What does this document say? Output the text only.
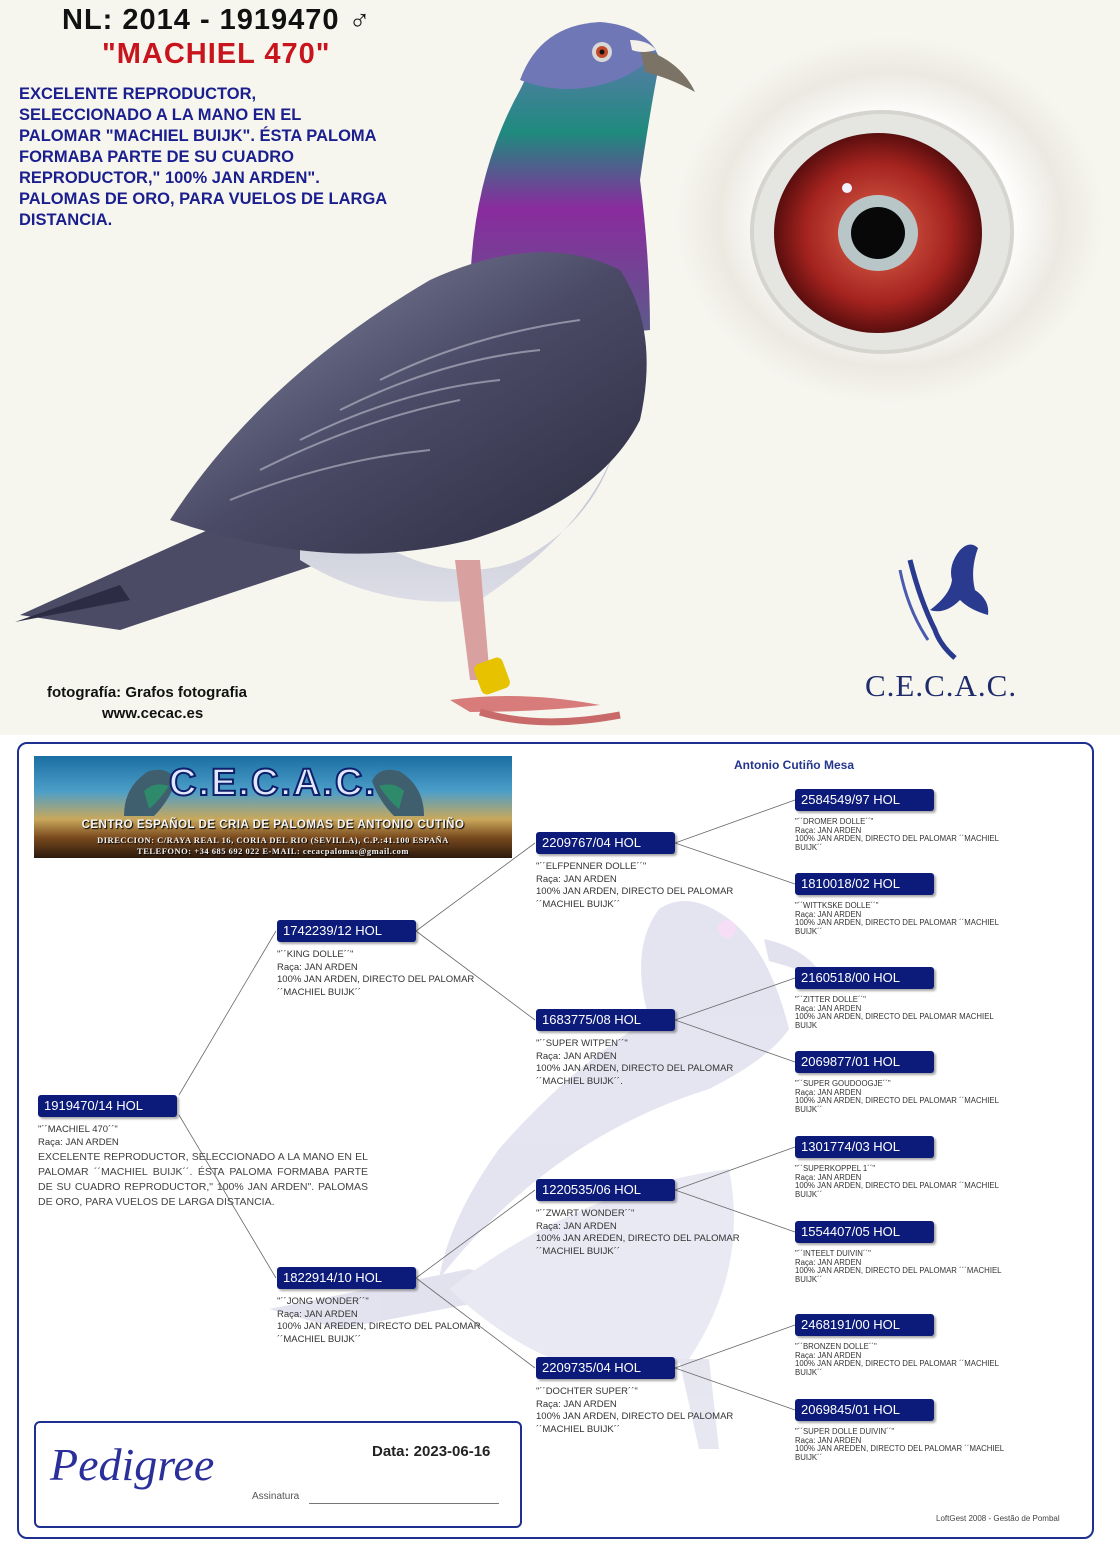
NL: 2014 - 1919470 ♂
"MACHIEL 470"
EXCELENTE REPRODUCTOR,
SELECCIONADO A LA MANO EN EL
PALOMAR "MACHIEL BUIJK". ÉSTA PALOMA
FORMABA PARTE DE SU CUADRO
REPRODUCTOR," 100% JAN ARDEN".
PALOMAS DE ORO, PARA VUELOS DE LARGA
DISTANCIA.
fotografía: Grafos fotografia
www.cecac.es
C.E.C.A.C.
C.E.C.A.C.
CENTRO ESPAÑOL DE CRIA DE PALOMAS DE ANTONIO CUTIÑO
DIRECCION: C/RAYA REAL 16, CORIA DEL RIO (SEVILLA), C.P.:41.100 ESPAÑA
TELEFONO: +34 685 692 022 E-MAIL: cecacpalomas@gmail.com
Antonio Cutiño Mesa
1919470/14 HOL
"´´MACHIEL 470´´"
Raça: JAN ARDEN
EXCELENTE REPRODUCTOR, SELECCIONADO A LA MANO EN EL PALOMAR ´´MACHIEL BUIJK´´. ÉSTA PALOMA FORMABA PARTE DE SU CUADRO REPRODUCTOR," 100% JAN ARDEN". PALOMAS DE ORO, PARA VUELOS DE LARGA DISTANCIA.
1742239/12 HOL
"´´KING DOLLE´´"
Raça: JAN ARDEN
100% JAN ARDEN, DIRECTO DEL PALOMAR
´´MACHIEL BUIJK´´
1822914/10 HOL
"´´JONG WONDER´´"
Raça: JAN ARDEN
100% JAN AREDEN, DIRECTO DEL PALOMAR
´´MACHIEL BUIJK´´
2209767/04 HOL
"´´ELFPENNER DOLLE´´"
Raça: JAN ARDEN
100% JAN ARDEN, DIRECTO DEL PALOMAR
´´MACHIEL BUIJK´´
1683775/08 HOL
"´´SUPER WITPEN´´"
Raça: JAN ARDEN
100% JAN ARDEN, DIRECTO DEL PALOMAR
´´MACHIEL BUIJK´´.
1220535/06 HOL
"´´ZWART WONDER´´"
Raça: JAN ARDEN
100% JAN AREDEN, DIRECTO DEL PALOMAR
´´MACHIEL BUIJK´´
2209735/04 HOL
"´´DOCHTER SUPER´´"
Raça: JAN ARDEN
100% JAN ARDEN, DIRECTO DEL PALOMAR
´´MACHIEL BUIJK´´
2584549/97 HOL
"´´DROMER DOLLE´´"
Raça: JAN ARDEN
100% JAN ARDEN, DIRECTO DEL PALOMAR ´´MACHIEL
BUIJK´´
1810018/02 HOL
"´´WITTKSKE DOLLE´´"
Raça: JAN ARDEN
100% JAN ARDEN, DIRECTO DEL PALOMAR ´´MACHIEL
BUIJK´´
2160518/00 HOL
"´´ZITTER DOLLE´´"
Raça: JAN ARDEN
100% JAN ARDEN, DIRECTO DEL PALOMAR MACHIEL
BUIJK
2069877/01 HOL
"´´SUPER GOUDOOGJE´´"
Raça: JAN ARDEN
100% JAN ARDEN, DIRECTO DEL PALOMAR ´´MACHIEL
BUIJK´´
1301774/03 HOL
"´´SUPERKOPPEL 1´´"
Raça: JAN ARDEN
100% JAN ARDEN, DIRECTO DEL PALOMAR ´´MACHIEL
BUIJK´´
1554407/05 HOL
"´´INTEELT DUIVIN´´"
Raça: JAN ARDEN
100% JAN ARDEN, DIRECTO DEL PALOMAR ´´´MACHIEL
BUIJK´´
2468191/00 HOL
"´´BRONZEN DOLLE´´"
Raça: JAN ARDEN
100% JAN ARDEN, DIRECTO DEL PALOMAR ´´MACHIEL
BUIJK´´
2069845/01 HOL
"´´SUPER DOLLE DUIVIN´´"
Raça: JAN ARDEN
100% JAN AREDEN, DIRECTO DEL PALOMAR ´´MACHIEL
BUIJK´´
Pedigree	Data: 2023-06-16
Assinatura
LoftGest 2008 - Gestão de Pombal
